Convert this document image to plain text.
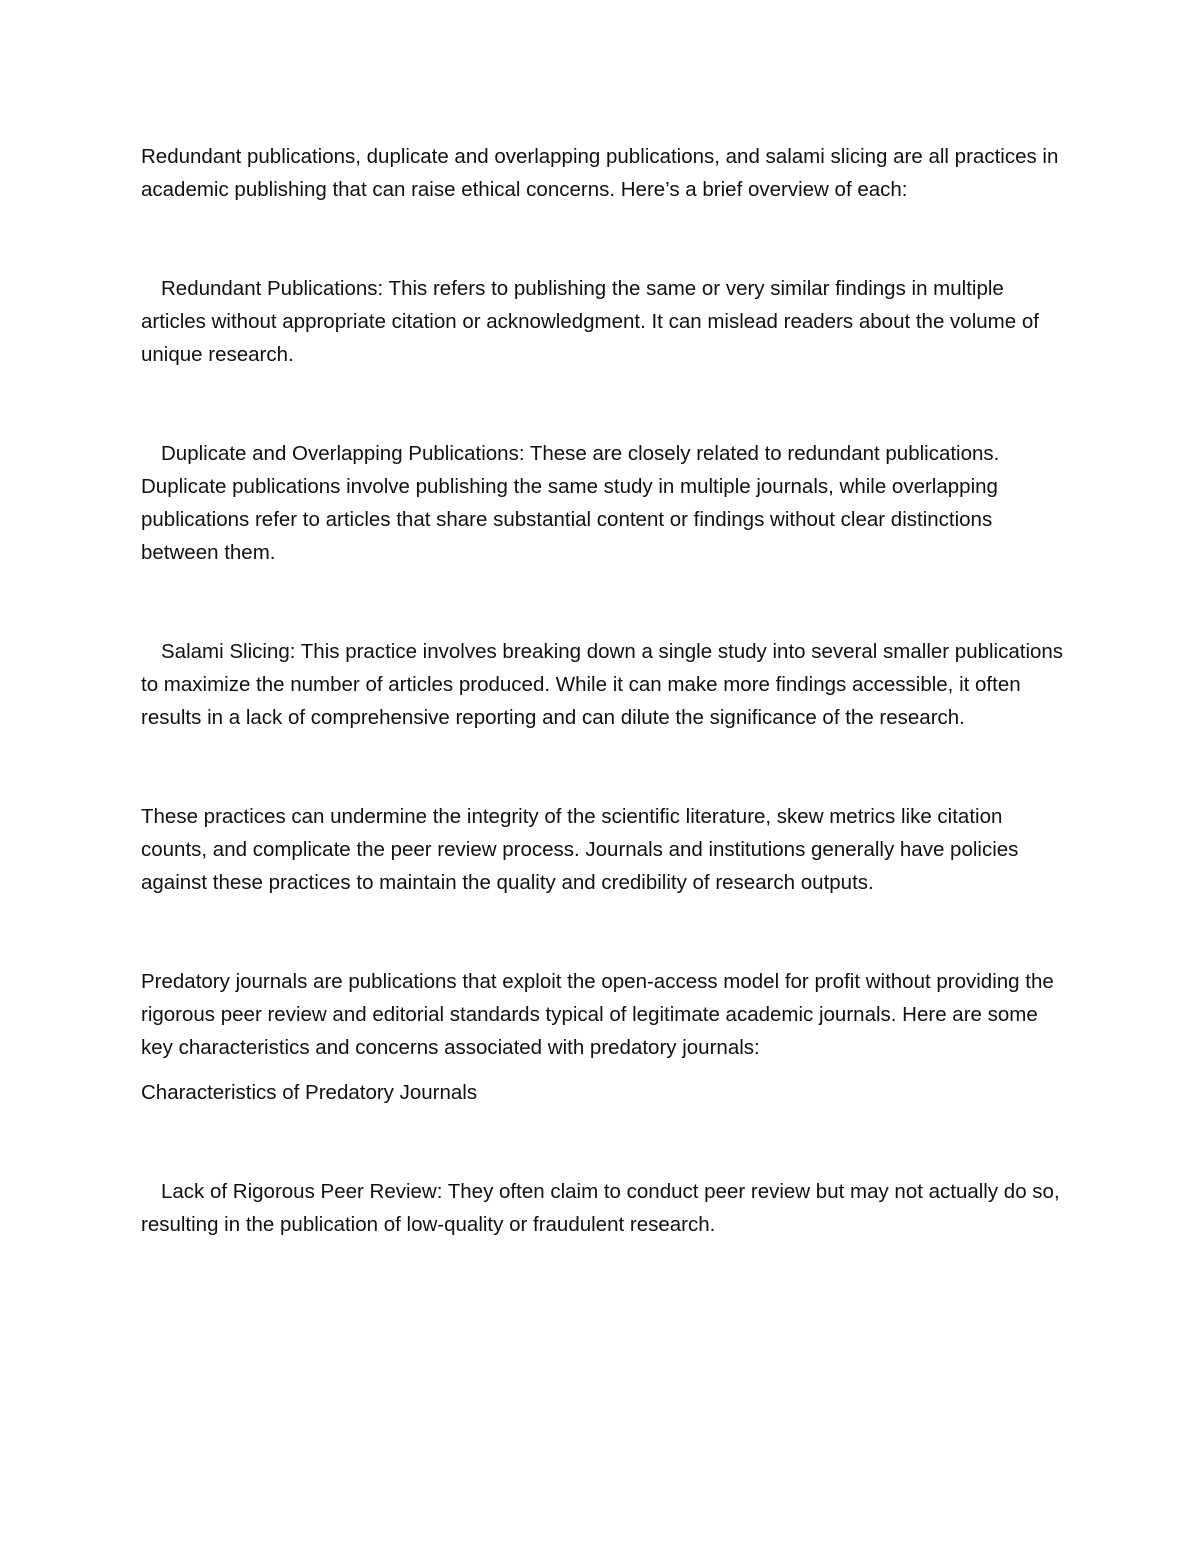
Redundant publications, duplicate and overlapping publications, and salami slicing are all practices in academic publishing that can raise ethical concerns. Here’s a brief overview of each:

Redundant Publications: This refers to publishing the same or very similar findings in multiple articles without appropriate citation or acknowledgment. It can mislead readers about the volume of unique research.

Duplicate and Overlapping Publications: These are closely related to redundant publications. Duplicate publications involve publishing the same study in multiple journals, while overlapping publications refer to articles that share substantial content or findings without clear distinctions between them.

Salami Slicing: This practice involves breaking down a single study into several smaller publications to maximize the number of articles produced. While it can make more findings accessible, it often results in a lack of comprehensive reporting and can dilute the significance of the research.

These practices can undermine the integrity of the scientific literature, skew metrics like citation counts, and complicate the peer review process. Journals and institutions generally have policies against these practices to maintain the quality and credibility of research outputs.

Predatory journals are publications that exploit the open-access model for profit without providing the rigorous peer review and editorial standards typical of legitimate academic journals. Here are some key characteristics and concerns associated with predatory journals:

Characteristics of Predatory Journals

Lack of Rigorous Peer Review: They often claim to conduct peer review but may not actually do so, resulting in the publication of low-quality or fraudulent research.
